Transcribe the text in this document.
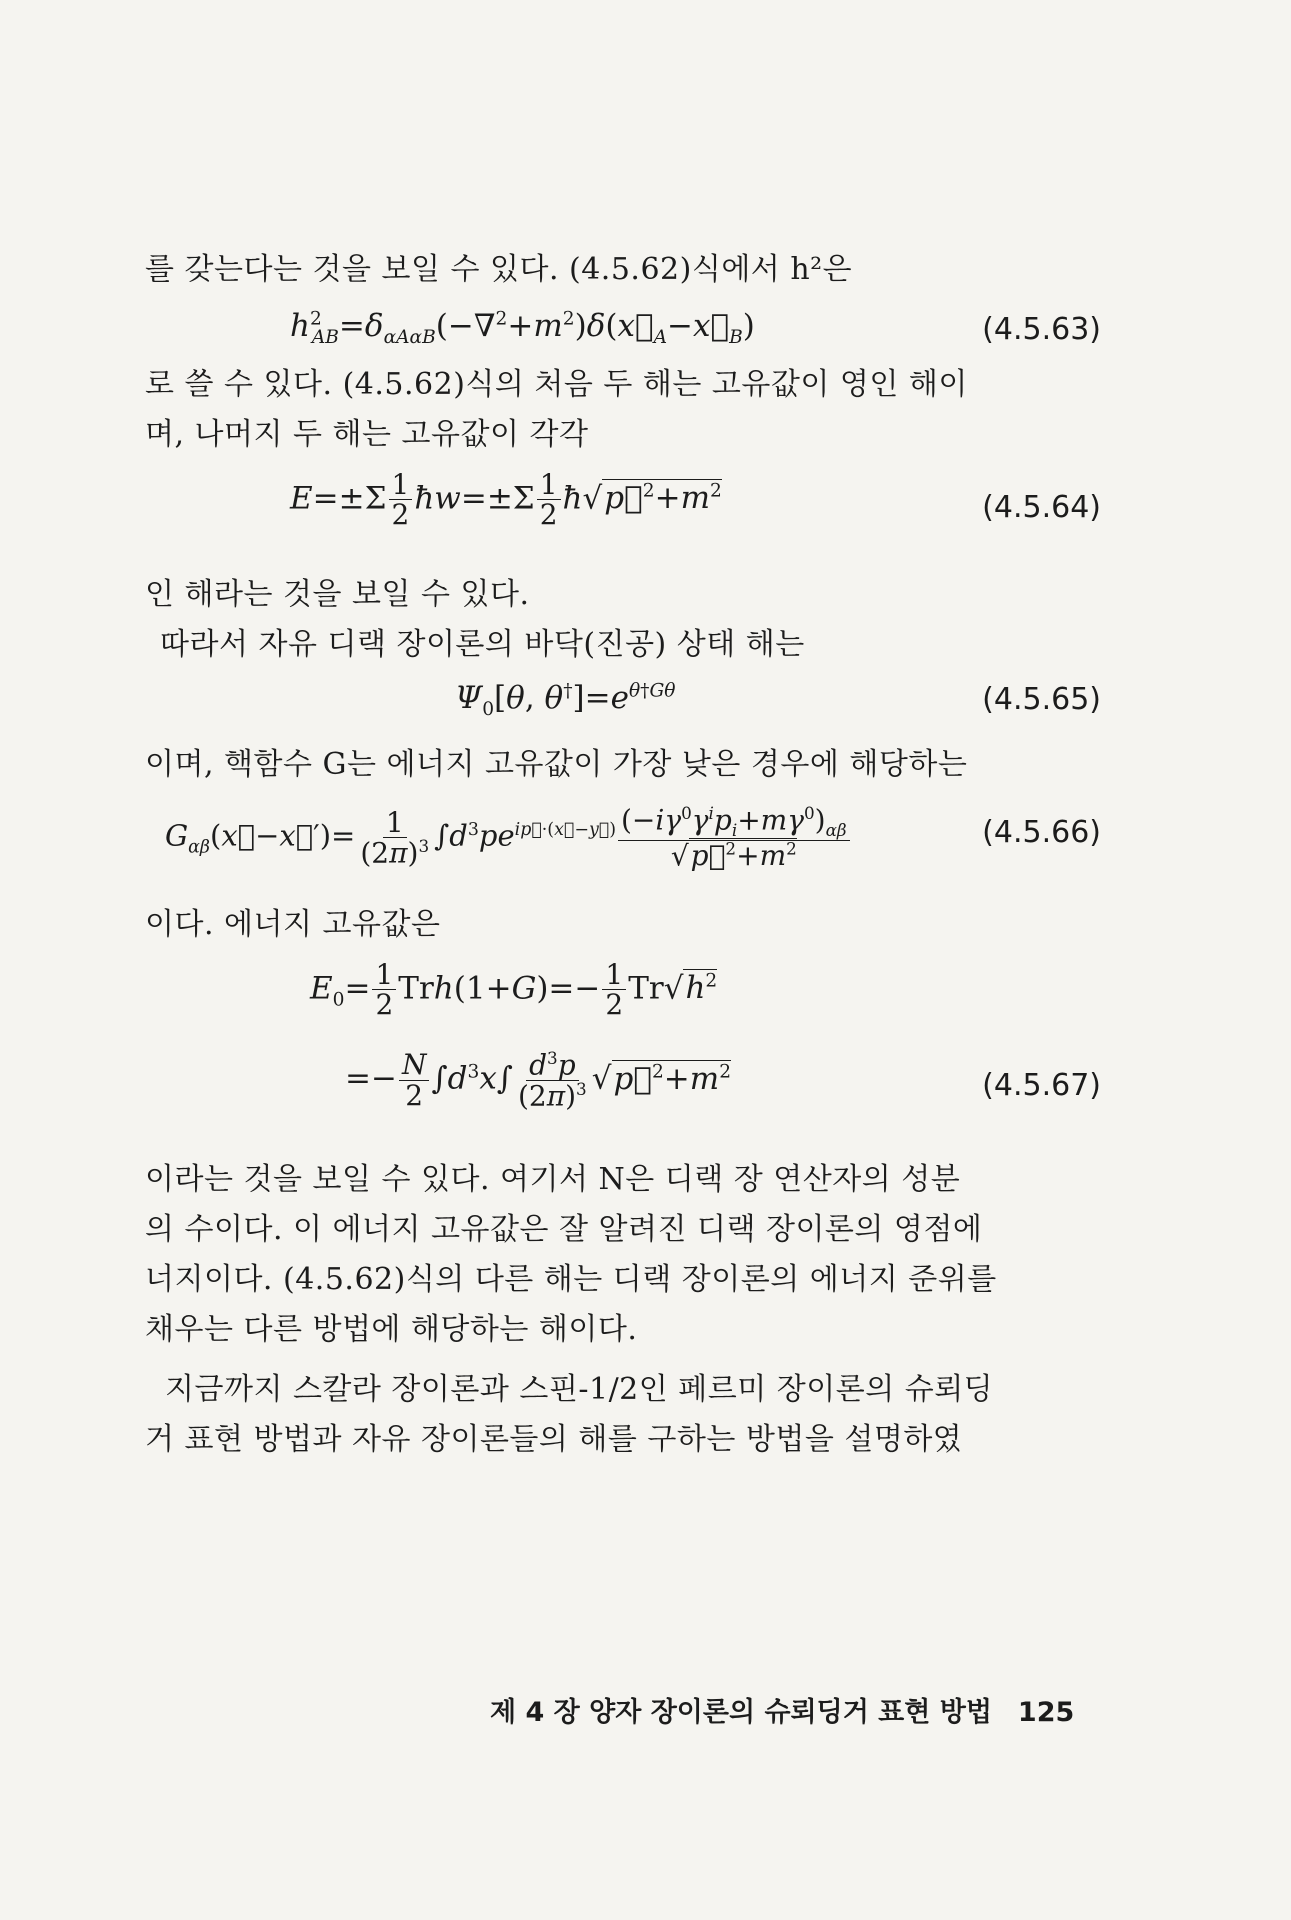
를 갖는다는 것을 보일 수 있다. (4.5.62)식에서 h²은
$h^2_{AB}=\delta_{\alpha A\alpha B}(-\nabla^2+m^2)\delta(x⃗_A-x⃗_B)$	(4.5.63)
로 쓸 수 있다. (4.5.62)식의 처음 두 해는 고유값이 영인 해이
며, 나머지 두 해는 고유값이 각각
$E=\pm\Sigma \frac{1}{2}$ ħw=±Σ $\frac{1}{2}$ $ħ√p⃗^2+m^2$	(4.5.64)
인 해라는 것을 보일 수 있다.
따라서 자유 디랙 장이론의 바닥(진공) 상태 해는
$\Psi_0[\theta$, $\theta^\dagger]=e^{\theta\dagger G\theta}$	(4.5.65)
이며, 핵함수 G는 에너지 고유값이 가장 낮은 경우에 해당하는
$G_{\alpha\beta}(x⃗-x⃗')= \frac{1}{(2\pi)^3} \int d^3pe^{ip⃗\cdot(x⃗-y⃗)} \frac{(-i\gamma^0\gamma^ip_i+m\gamma^0)_{\alpha\beta}}{√p⃗^2+m^2}$	(4.5.66)
이다. 에너지 고유값은
$E_0= \frac{1}{2} Trh(1+G)=- \frac{1}{2} Tr√h^2$
=− $\frac{N}{2} \int d^3x\int \frac{d^3p}{(2\pi)^3}$ $√p⃗^2+m^2$	(4.5.67)
이라는 것을 보일 수 있다. 여기서 N은 디랙 장 연산자의 성분
의 수이다. 이 에너지 고유값은 잘 알려진 디랙 장이론의 영점에
너지이다. (4.5.62)식의 다른 해는 디랙 장이론의 에너지 준위를
채우는 다른 방법에 해당하는 해이다.
지금까지 스칼라 장이론과 스핀-1/2인 페르미 장이론의 슈뢰딩
거 표현 방법과 자유 장이론들의 해를 구하는 방법을 설명하였
제 4 장 양자 장이론의 슈뢰딩거 표현 방법 125
